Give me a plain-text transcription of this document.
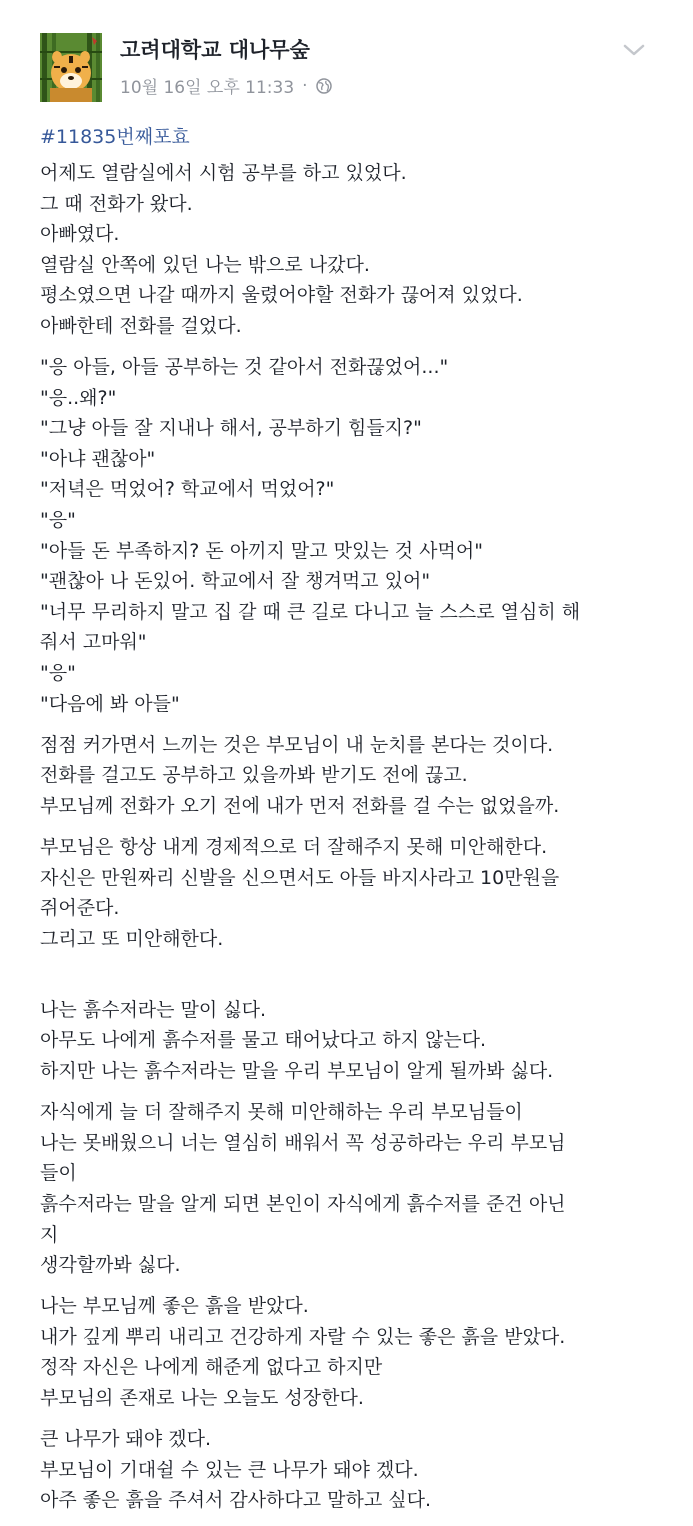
고려대학교 대나무숲
10월 16일 오후 11:33 ·
#11835번째포효
어제도 열람실에서 시험 공부를 하고 있었다.
그 때 전화가 왔다.
아빠였다.
열람실 안쪽에 있던 나는 밖으로 나갔다.
평소였으면 나갈 때까지 울렸어야할 전화가 끊어져 있었다.
아빠한테 전화를 걸었다.
"응 아들, 아들 공부하는 것 같아서 전화끊었어..."
"응..왜?"
"그냥 아들 잘 지내나 해서, 공부하기 힘들지?"
"아냐 괜찮아"
"저녁은 먹었어? 학교에서 먹었어?"
"응"
"아들 돈 부족하지? 돈 아끼지 말고 맛있는 것 사먹어"
"괜찮아 나 돈있어. 학교에서 잘 챙겨먹고 있어"
"너무 무리하지 말고 집 갈 때 큰 길로 다니고 늘 스스로 열심히 해
줘서 고마워"
"응"
"다음에 봐 아들"
점점 커가면서 느끼는 것은 부모님이 내 눈치를 본다는 것이다.
전화를 걸고도 공부하고 있을까봐 받기도 전에 끊고.
부모님께 전화가 오기 전에 내가 먼저 전화를 걸 수는 없었을까.
부모님은 항상 내게 경제적으로 더 잘해주지 못해 미안해한다.
자신은 만원짜리 신발을 신으면서도 아들 바지사라고 10만원을
쥐어준다.
그리고 또 미안해한다.
나는 흙수저라는 말이 싫다.
아무도 나에게 흙수저를 물고 태어났다고 하지 않는다.
하지만 나는 흙수저라는 말을 우리 부모님이 알게 될까봐 싫다.
자식에게 늘 더 잘해주지 못해 미안해하는 우리 부모님들이
나는 못배웠으니 너는 열심히 배워서 꼭 성공하라는 우리 부모님
들이
흙수저라는 말을 알게 되면 본인이 자식에게 흙수저를 준건 아닌
지
생각할까봐 싫다.
나는 부모님께 좋은 흙을 받았다.
내가 깊게 뿌리 내리고 건강하게 자랄 수 있는 좋은 흙을 받았다.
정작 자신은 나에게 해준게 없다고 하지만
부모님의 존재로 나는 오늘도 성장한다.
큰 나무가 돼야 겠다.
부모님이 기대쉴 수 있는 큰 나무가 돼야 겠다.
아주 좋은 흙을 주셔서 감사하다고 말하고 싶다.
